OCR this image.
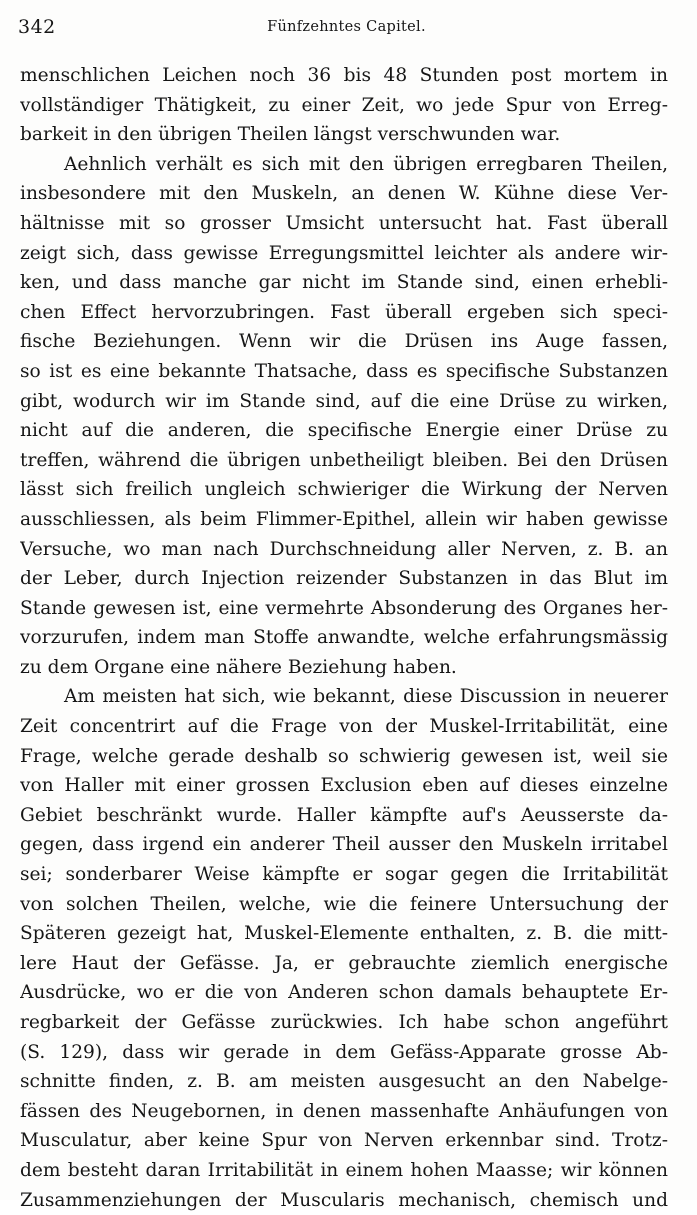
342	Fünfzehntes Capitel.
menschlichen Leichen noch 36 bis 48 Stunden post mortem in
vollständiger Thätigkeit, zu einer Zeit, wo jede Spur von Erreg-
barkeit in den übrigen Theilen längst verschwunden war.
Aehnlich verhält es sich mit den übrigen erregbaren Theilen,
insbesondere mit den Muskeln, an denen W. Kühne diese Ver-
hältnisse mit so grosser Umsicht untersucht hat. Fast überall
zeigt sich, dass gewisse Erregungsmittel leichter als andere wir-
ken, und dass manche gar nicht im Stande sind, einen erhebli-
chen Effect hervorzubringen. Fast überall ergeben sich speci-
fische Beziehungen. Wenn wir die Drüsen ins Auge fassen,
so ist es eine bekannte Thatsache, dass es specifische Substanzen
gibt, wodurch wir im Stande sind, auf die eine Drüse zu wirken,
nicht auf die anderen, die specifische Energie einer Drüse zu
treffen, während die übrigen unbetheiligt bleiben. Bei den Drüsen
lässt sich freilich ungleich schwieriger die Wirkung der Nerven
ausschliessen, als beim Flimmer-Epithel, allein wir haben gewisse
Versuche, wo man nach Durchschneidung aller Nerven, z. B. an
der Leber, durch Injection reizender Substanzen in das Blut im
Stande gewesen ist, eine vermehrte Absonderung des Organes her-
vorzurufen, indem man Stoffe anwandte, welche erfahrungsmässig
zu dem Organe eine nähere Beziehung haben.
Am meisten hat sich, wie bekannt, diese Discussion in neuerer
Zeit concentrirt auf die Frage von der Muskel-Irritabilität, eine
Frage, welche gerade deshalb so schwierig gewesen ist, weil sie
von Haller mit einer grossen Exclusion eben auf dieses einzelne
Gebiet beschränkt wurde. Haller kämpfte auf's Aeusserste da-
gegen, dass irgend ein anderer Theil ausser den Muskeln irritabel
sei; sonderbarer Weise kämpfte er sogar gegen die Irritabilität
von solchen Theilen, welche, wie die feinere Untersuchung der
Späteren gezeigt hat, Muskel-Elemente enthalten, z. B. die mitt-
lere Haut der Gefässe. Ja, er gebrauchte ziemlich energische
Ausdrücke, wo er die von Anderen schon damals behauptete Er-
regbarkeit der Gefässe zurückwies. Ich habe schon angeführt
(S. 129), dass wir gerade in dem Gefäss-Apparate grosse Ab-
schnitte finden, z. B. am meisten ausgesucht an den Nabelge-
fässen des Neugebornen, in denen massenhafte Anhäufungen von
Musculatur, aber keine Spur von Nerven erkennbar sind. Trotz-
dem besteht daran Irritabilität in einem hohen Maasse; wir können
Zusammenziehungen der Muscularis mechanisch, chemisch und
